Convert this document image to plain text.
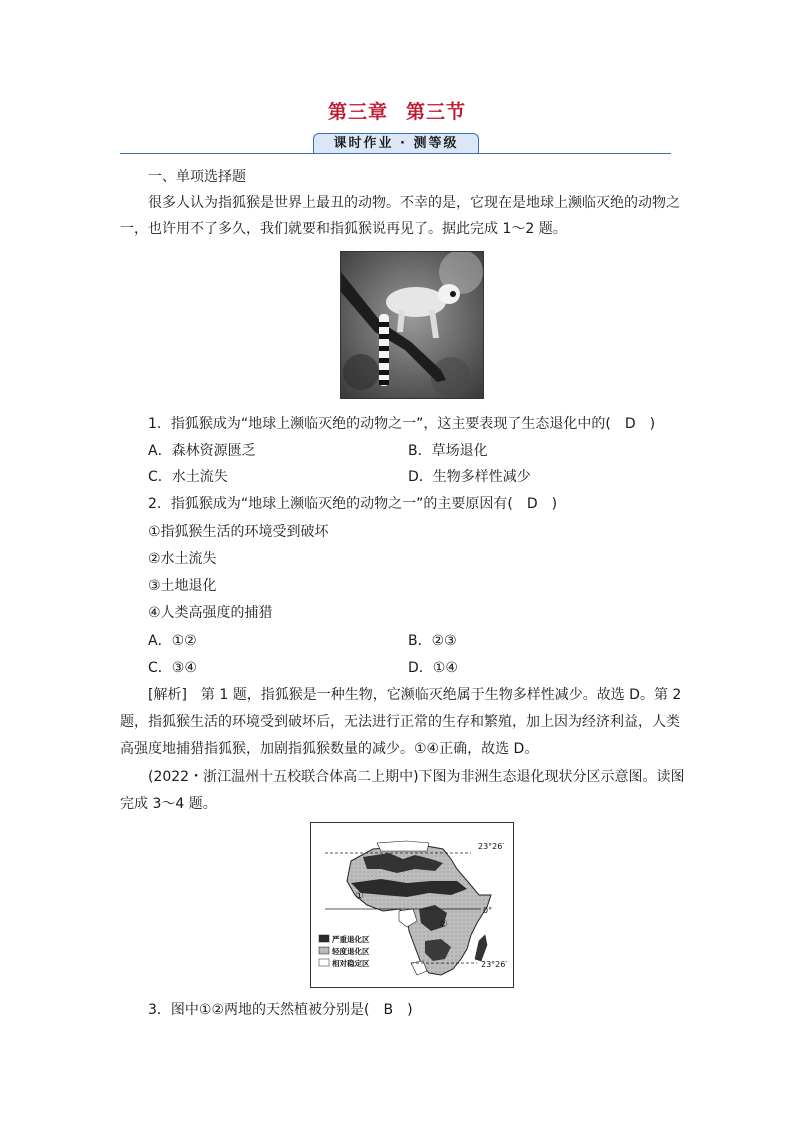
第三章 第三节
课时作业 · 测等级
一、单项选择题
很多人认为指狐猴是世界上最丑的动物。不幸的是，它现在是地球上濒临灭绝的动物之
一，也许用不了多久，我们就要和指狐猴说再见了。据此完成 1～2 题。
1．指狐猴成为“地球上濒临灭绝的动物之一”，这主要表现了生态退化中的(　D　)
A．森林资源匮乏	B．草场退化
C．水土流失	D．生物多样性减少
2．指狐猴成为“地球上濒临灭绝的动物之一”的主要原因有(　D　)
①指狐猴生活的环境受到破坏
②水土流失
③土地退化
④人类高强度的捕猎
A．①②	B．②③
C．③④	D．①④
[解析]　第 1 题，指狐猴是一种生物，它濒临灭绝属于生物多样性减少。故选 D。第 2
题，指狐猴生活的环境受到破坏后，无法进行正常的生存和繁殖，加上因为经济利益，人类
高强度地捕猎指狐猴，加剧指狐猴数量的减少。①④正确，故选 D。
(2022・浙江温州十五校联合体高二上期中)下图为非洲生态退化现状分区示意图。读图
完成 3～4 题。
23°26′
0°
23°26′
①
②
严重退化区
轻度退化区
相对稳定区
3．图中①②两地的天然植被分别是(　B　)
